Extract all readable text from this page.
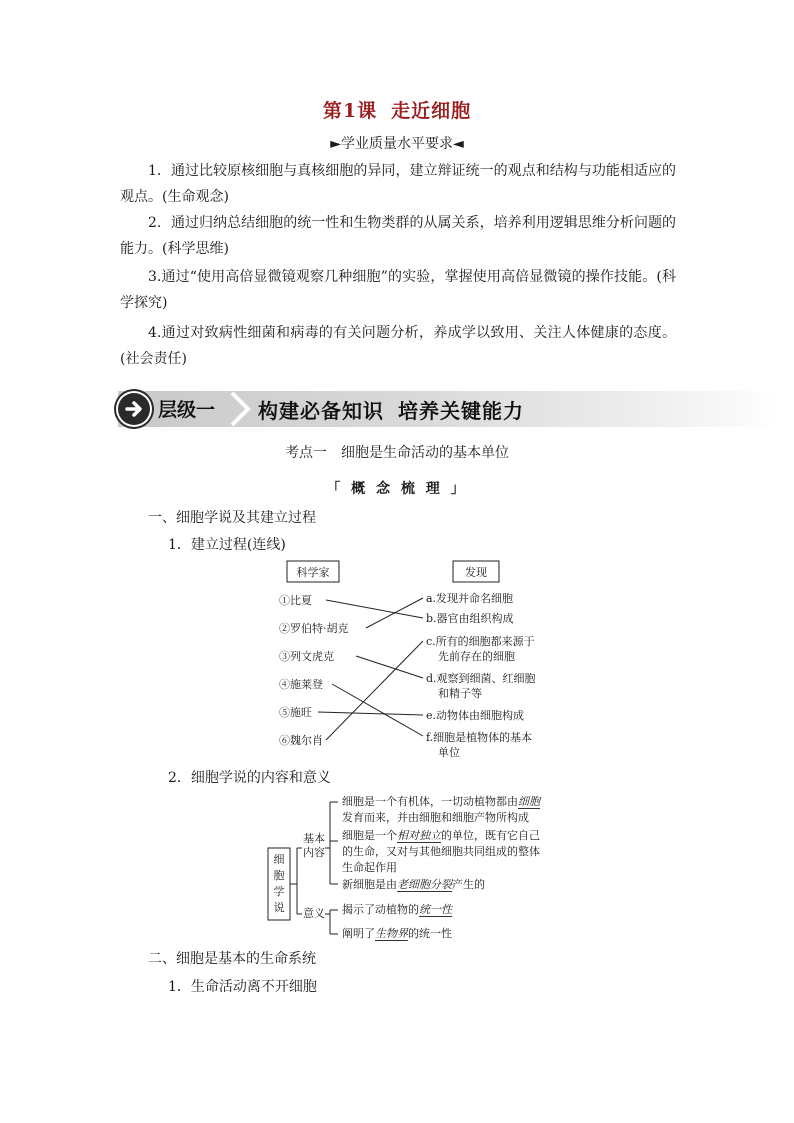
第1课 走近细胞
►学业质量水平要求◄
1．通过比较原核细胞与真核细胞的异同，建立辩证统一的观点和结构与功能相适应的观点。(生命观念)
2．通过归纳总结细胞的统一性和生物类群的从属关系，培养利用逻辑思维分析问题的能力。(科学思维)
3.通过“使用高倍显微镜观察几种细胞”的实验，掌握使用高倍显微镜的操作技能。(科学探究)
4.通过对致病性细菌和病毒的有关问题分析，养成学以致用、关注人体健康的态度。(社会责任)
层级一 构建必备知识 培养关键能力
考点一 细胞是生命活动的基本单位
「 概 念 梳 理 」
一、细胞学说及其建立过程
1．建立过程(连线)
科学家	发现
①比夏
②罗伯特·胡克
③列文虎克
④施莱登
⑤施旺
⑥魏尔肖
a.发现并命名细胞
b.器官由组织构成
c.所有的细胞都来源于
先前存在的细胞
d.观察到细菌、红细胞
和精子等
e.动物体由细胞构成
f.细胞是植物体的基本
单位
2．细胞学说的内容和意义
细
胞
学
说
基本
内容
意义
细胞是一个有机体，一切动植物都由细胞
发育而来，并由细胞和细胞产物所构成
细胞是一个相对独立的单位，既有它自己
的生命，又对与其他细胞共同组成的整体
生命起作用
新细胞是由老细胞分裂产生的
揭示了动植物的统一性
阐明了生物界的统一性
二、细胞是基本的生命系统
1．生命活动离不开细胞
